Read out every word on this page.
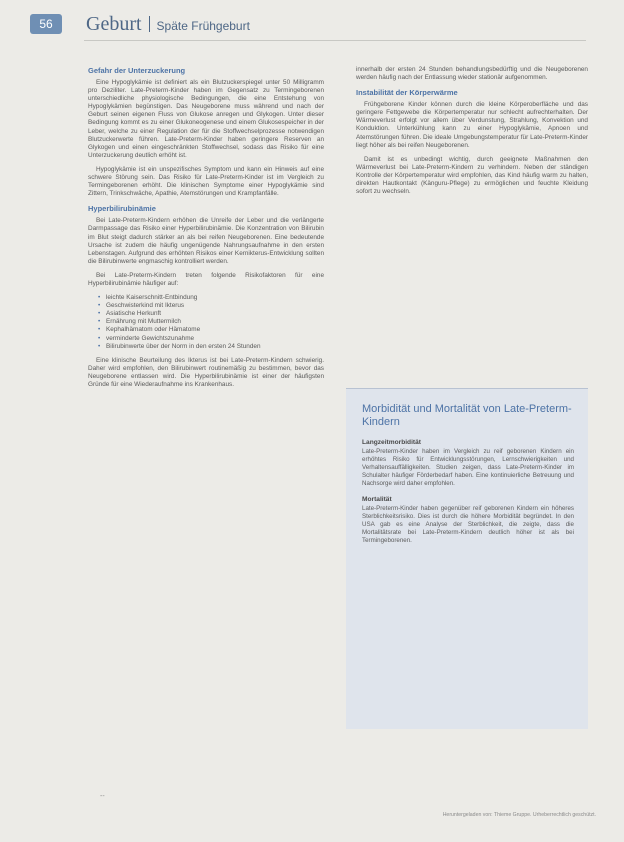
56	Geburt Späte Frühgeburt
Gefahr der Unterzuckerung

Eine Hypoglykämie ist definiert als ein Blutzuckerspiegel unter 50 Milligramm pro Deziliter. Late-Preterm-Kinder haben im Gegensatz zu Termingeborenen unterschiedliche physiologische Bedingungen, die eine Entstehung von Hypoglykämien begünstigen. Das Neugeborene muss während und nach der Geburt seinen eigenen Fluss von Glukose anregen und Glykogen. Unter dieser Bedingung kommt es zu einer Glukoneogenese und einem Glukosespeicher in der Leber, welche zu einer Regulation der für die Stoffwechselprozesse notwendigen Blutzuckerwerte führen. Late-Preterm-Kinder haben geringere Reserven an Glykogen und einen eingeschränkten Stoffwechsel, sodass das Risiko für eine Unterzuckerung deutlich erhöht ist.

Hypoglykämie ist ein unspezifisches Symptom und kann ein Hinweis auf eine schwere Störung sein. Das Risiko für Late-Preterm-Kinder ist im Vergleich zu Termingeborenen erhöht. Die klinischen Symptome einer Hypoglykämie sind Zittern, Trinkschwäche, Apathie, Atemstörungen und Krampfanfälle.

Hyperbilirubinämie

Bei Late-Preterm-Kindern erhöhen die Unreife der Leber und die verlängerte Darmpassage das Risiko einer Hyperbilirubinämie. Die Konzentration von Bilirubin im Blut steigt dadurch stärker an als bei reifen Neugeborenen. Eine bedeutende Ursache ist zudem die häufig ungenügende Nahrungsaufnahme in den ersten Lebenstagen. Aufgrund des erhöhten Risikos einer Kernikterus-Entwicklung sollten die Bilirubinwerte engmaschig kontrolliert werden.

Bei Late-Preterm-Kindern treten folgende Risikofaktoren für eine Hyperbilirubinämie häufiger auf:

• leichte Kaiserschnitt-Entbindung
• Geschwisterkind mit Ikterus
• Asiatische Herkunft
• Ernährung mit Muttermilch
• Kephalhämatom oder Hämatome
• verminderte Gewichtszunahme
• Bilirubinwerte über der Norm in den ersten 24 Stunden

Eine klinische Beurteilung des Ikterus ist bei Late-Preterm-Kindern schwierig. Daher wird empfohlen, den Bilirubinwert routinemäßig zu bestimmen, bevor das Neugeborene entlassen wird. Die Hyperbilirubinämie ist einer der häufigsten Gründe für eine Wiederaufnahme ins Krankenhaus.

innerhalb der ersten 24 Stunden behandlungsbedürftig und die Neugeborenen werden häufig nach der Entlassung wieder stationär aufgenommen.

Instabilität der Körperwärme

Frühgeborene Kinder können durch die kleine Körperoberfläche und das geringere Fettgewebe die Körpertemperatur nur schlecht aufrechterhalten. Der Wärmeverlust erfolgt vor allem über Verdunstung, Strahlung, Konvektion und Konduktion. Unterkühlung kann zu einer Hypoglykämie, Apnoen und Atemstörungen führen. Die ideale Umgebungstemperatur für Late-Preterm-Kinder liegt höher als bei reifen Neugeborenen.

Damit ist es unbedingt wichtig, durch geeignete Maßnahmen den Wärmeverlust bei Late-Preterm-Kindern zu verhindern. Neben der ständigen Kontrolle der Körpertemperatur wird empfohlen, das Kind häufig warm zu halten, direkten Hautkontakt (Känguru-Pflege) zu ermöglichen und feuchte Kleidung sofort zu wechseln.

Morbidität und Mortalität von Late-Preterm-Kindern
Langzeitmorbidität

Late-Preterm-Kinder haben im Vergleich zu reif geborenen Kindern ein erhöhtes Risiko für Entwicklungsstörungen, Lernschwierigkeiten und Verhaltensauffälligkeiten. Studien zeigen, dass Late-Preterm-Kinder im Schulalter häufiger Förderbedarf haben. Eine kontinuierliche Betreuung und Nachsorge wird daher empfohlen.

Mortalität

Late-Preterm-Kinder haben gegenüber reif geborenen Kindern ein höheres Sterblichkeitsrisiko. Dies ist durch die höhere Morbidität begründet. In den USA gab es eine Analyse der Sterblichkeit, die zeigte, dass die Mortalitätsrate bei Late-Preterm-Kindern deutlich höher ist als bei Termingeborenen.

--
Heruntergeladen von: Thieme Gruppe. Urheberrechtlich geschützt.
